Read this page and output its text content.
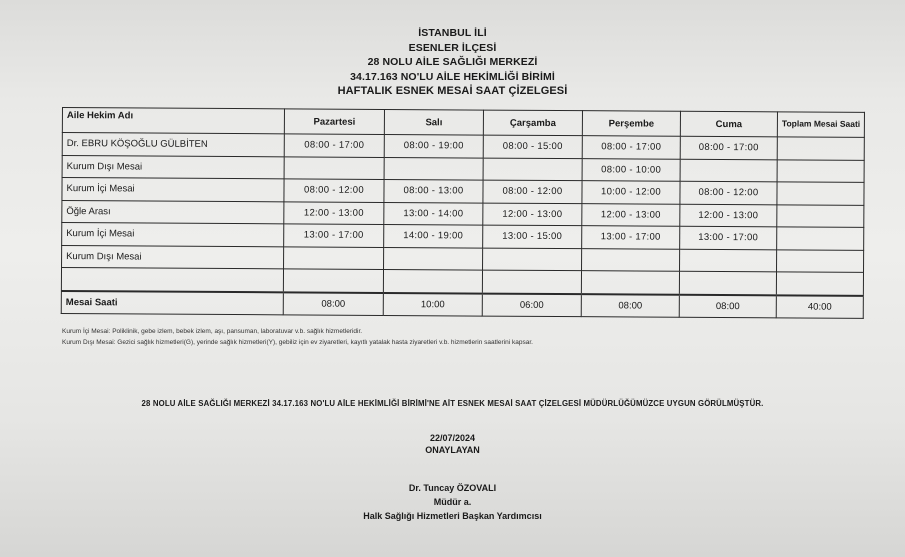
İSTANBUL İLİ
ESENLER İLÇESİ
28 NOLU AİLE SAĞLIĞI MERKEZİ
34.17.163 NO'LU AİLE HEKİMLİĞİ BİRİMİ
HAFTALIK ESNEK MESAİ SAAT ÇİZELGESİ
Aile Hekim Adı	Pazartesi	Salı	Çarşamba	Perşembe	Cuma	Toplam Mesai Saati
Dr. EBRU KÖŞOĞLU GÜLBİTEN	08:00 - 17:00	08:00 - 19:00	08:00 - 15:00	08:00 - 17:00	08:00 - 17:00	
Kurum Dışı Mesai				08:00 - 10:00		
Kurum İçi Mesai	08:00 - 12:00	08:00 - 13:00	08:00 - 12:00	10:00 - 12:00	08:00 - 12:00	
Öğle Arası	12:00 - 13:00	13:00 - 14:00	12:00 - 13:00	12:00 - 13:00	12:00 - 13:00	
Kurum İçi Mesai	13:00 - 17:00	14:00 - 19:00	13:00 - 15:00	13:00 - 17:00	13:00 - 17:00	
Kurum Dışı Mesai						

Mesai Saati	08:00	10:00	06:00	08:00	08:00	40:00
Kurum İçi Mesai: Poliklinik, gebe izlem, bebek izlem, aşı, pansuman, laboratuvar v.b. sağlık hizmetleridir.
Kurum Dışı Mesai: Gezici sağlık hizmetleri(G), yerinde sağlık hizmetleri(Y), gebiliz için ev ziyaretleri, kayıtlı yatalak hasta ziyaretleri v.b. hizmetlerin saatlerini kapsar.
28 NOLU AİLE SAĞLIĞI MERKEZİ 34.17.163 NO'LU AİLE HEKİMLİĞİ BİRİMİ'NE AİT ESNEK MESAİ SAAT ÇİZELGESİ MÜDÜRLÜĞÜMÜZCE UYGUN GÖRÜLMÜŞTÜR.
22/07/2024
ONAYLAYAN
Dr. Tuncay ÖZOVALI
Müdür a.
Halk Sağlığı Hizmetleri Başkan Yardımcısı
